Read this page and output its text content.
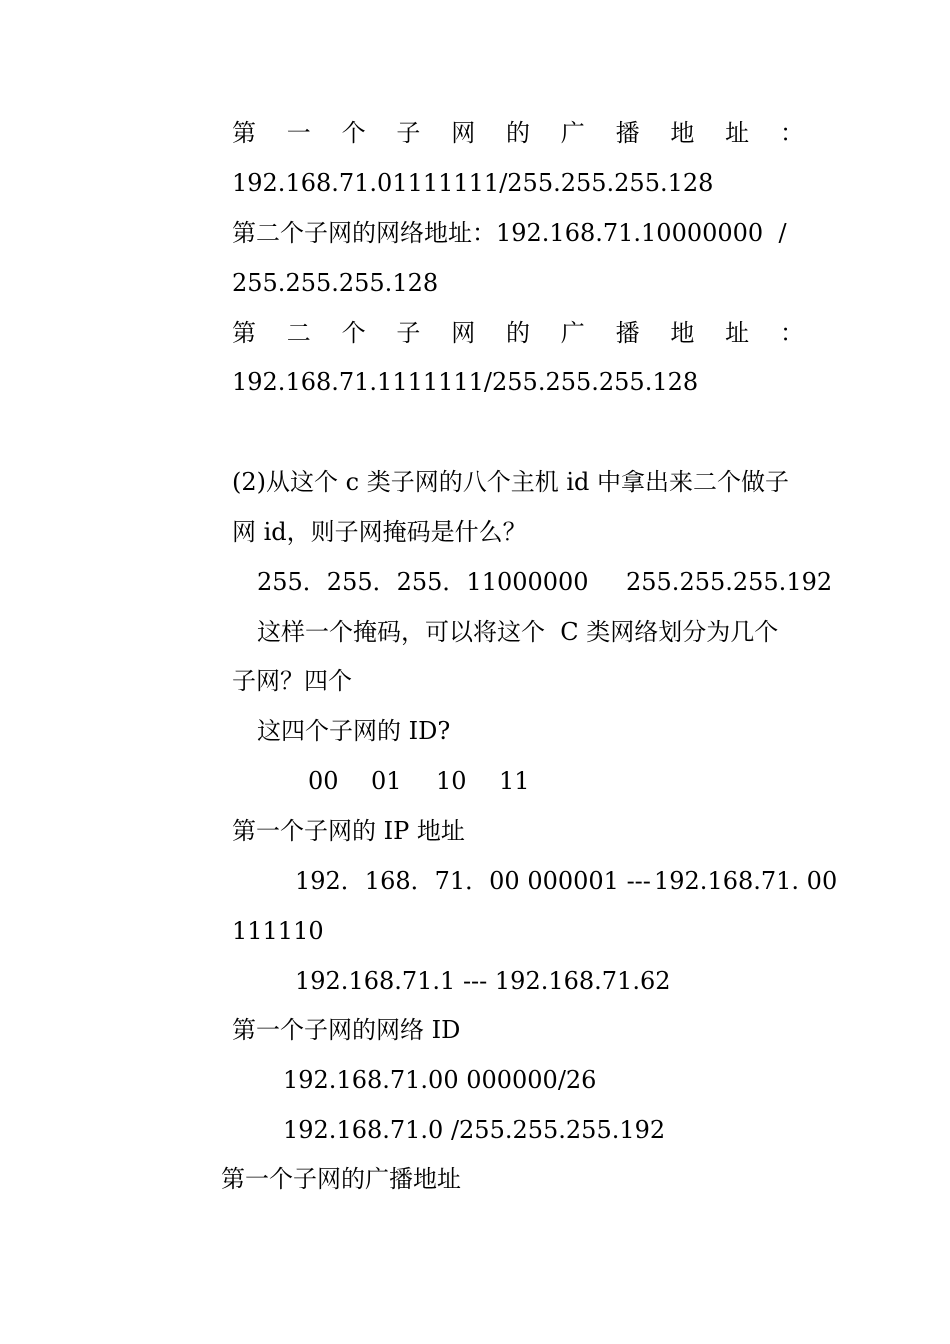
第 一 个 子 网 的 广 播 地 址 ：
192.168.71.01111111/255.255.255.128
第二个子网的网络地址：192.168.71.10000000  /
255.255.255.128
第 二 个 子 网 的 广 播 地 址 ：
192.168.71.1111111/255.255.255.128
(2)从这个 c 类子网的八个主机 id 中拿出来二个做子
网 id，则子网掩码是什么？
255．255．255．11000000 255.255.255.192
这样一个掩码，可以将这个  C 类网络划分为几个
子网？四个
这四个子网的 ID?
00 01 10 11
第一个子网的 IP 地址
192．168．71．00 000001 --- 192.168.71. 00
111110
192.168.71.1 --- 192.168.71.62
第一个子网的网络 ID
192.168.71.00 000000/26
192.168.71.0 /255.255.255.192
第一个子网的广播地址
